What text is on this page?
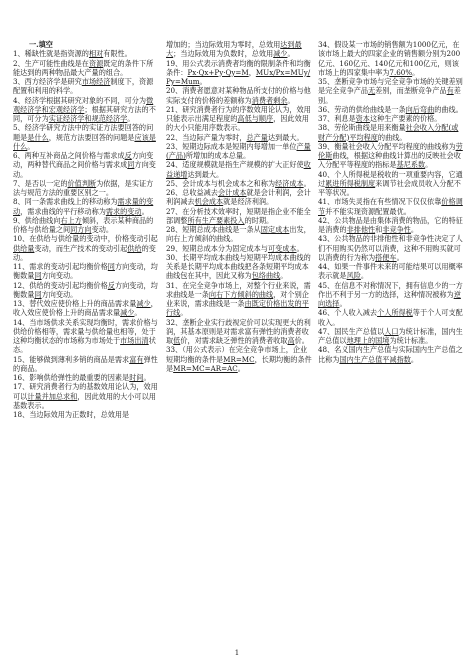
一.填空
1、稀缺性就是指资源的相对有限性。
2、生产可能性曲线是在资源既定的条件下所能达到的两种物品最大产量的组合。
3、西方经济学是研究市场经济制度下，资源配置和利用的科学。
4、经济学根据其研究对象的不同，可分为微观经济学和宏观经济学；根据其研究方法的不同，可分为实证经济学和规范经济学。
5、经济学研究方法中的实证方法要回答的问题是是什么，规范方法要回答的问题是应该是什么。
6、两种互补商品之间价格与需求成反方向变动，两种替代商品之间价格与需求成同方向变动。
7、是否以一定的价值判断为依据，是实证方法与规范方法的重要区别之一。
8、同一条需求曲线上的移动称为需求量的变动，需求曲线的平行移动称为需求的变动。
9、供给曲线向右上方倾斜，表示某种商品的价格与供给量之间同方向变动。
10、在供给与供给量的变动中，价格变动引起供给量变动，而生产技术的变动引起供给的变动。
11、需求的变动引起均衡价格同方向变动，均衡数量同方向变动。
12、供给的变动引起均衡价格反方向变动，均衡数量同方向变动。
13、替代效应使价格上升的商品需求量减少，收入效应使价格上升的商品需求量减少。
14、当市场供求关系实现均衡时，需求价格与供给价格相等，需求量与供给量也相等，处于这种均衡状态的市场称为市场处于市场出清状态。
15、能够做到薄利多销的商品是需求富有弹性的商品。
16、影响供给弹性的最重要的因素是时间。
17、研究消费者行为的基数效用论认为，效用可以计量并加总求和，因此效用的大小可以用基数表示。
18、当边际效用为正数时，总效用是
增加的；当边际效用为零时，总效用达到最大；当边际效用为负数时，总效用减少。
19、用公式表示消费者均衡的限制条件和均衡条件：Px·Qx+Py·Qy=M，MUx/Px=MUy/Py=Mum。
20、消费者愿意对某种物品所支付的价格与他实际支付的价格的差额称为消费者剩余。
21、研究消费者行为的序数效用论认为，效用只能表示出满足程度的高低与顺序，因此效用的大小只能用序数表示。
22、当边际产量为零时，总产量达到最大。
23、短期边际成本是短期内每增加一单位产量(产品)所增加的成本总量。
24、适度规模就是指生产规模的扩大正好使收益递增达到最大。
25、会计成本与机会成本之和称为经济成本。
26、总收益减去会计成本就是会计利润，会计利润减去机会成本就是经济利润。
27、在分析技术效率时，短期是指企业不能全部调整所有生产要素投入的时期。
28、短期总成本曲线是一条从固定成本出发，向右上方倾斜的曲线。
29、短期总成本分为固定成本与可变成本。
30、长期平均成本曲线与短期平均成本曲线的关系是长期平均成本曲线把各条短期平均成本曲线包在其中，因此又称为包络曲线。
31、在完全竞争市场上，对整个行业来说，需求曲线是一条向右下方倾斜的曲线，对个别企业来说，需求曲线是一条由既定价格出发的平行线。
32、垄断企业实行歧视定价可以实现更大的利润，其基本原则是对需求富有弹性的消费者收取低价，对需求缺乏弹性的消费者收取高价。
33、（用公式表示）在完全竞争市场上，企业短期均衡的条件是MR=MC，长期均衡的条件是MR=MC=AR=AC。
34、假设某一市场的销售额为1000亿元，在该市场上最大的四家企业的销售额分别为200亿元、160亿元、140亿元和100亿元，则该市场上的四家集中率为7.60%。
35、垄断竞争市场与完全竞争市场的关键差别是完全竞争产品无差别，而垄断竞争产品有差别。
36、劳动的供给曲线是一条向后弯曲的曲线。
37、利息是资本这种生产要素的价格。
38、劳伦斯曲线是用来衡量社会收入分配(或财产分配)平均程度的曲线。
39、衡量社会收入分配平均程度的曲线称为劳伦斯曲线，根据这种曲线计算出的反映社会收入分配平等程度的指标是基尼系数。
40、个人所得税是税收的一项重要内容，它通过累进所得税制度来调节社会成员收入分配不平等状况。
41、市场失灵指在有些情况下仅仅依靠价格调节并不能实现资源配置最优。
42、公共物品是由集体消费的物品，它的特征是消费的非排他性和非竞争性。
43、公共物品的非排他性和非竞争性决定了人们不用购买仍然可以消费，这种不用购买就可以消费的行为称为搭便车。
44、如果一件事件未来的可能结果可以用概率表示就是风险。
45、在信息不对称情况下，拥有信息少的一方作出不利于另一方的选择，这种情况被称为逆向选择。
46、个人收入减去个人所得税等于个人可支配收入。
47、国民生产总值以人口为统计标准，国内生产总值以地理上的国境为统计标准。
48、名义国内生产总值与实际国内生产总值之比称为国内生产总值平减指数。
1
